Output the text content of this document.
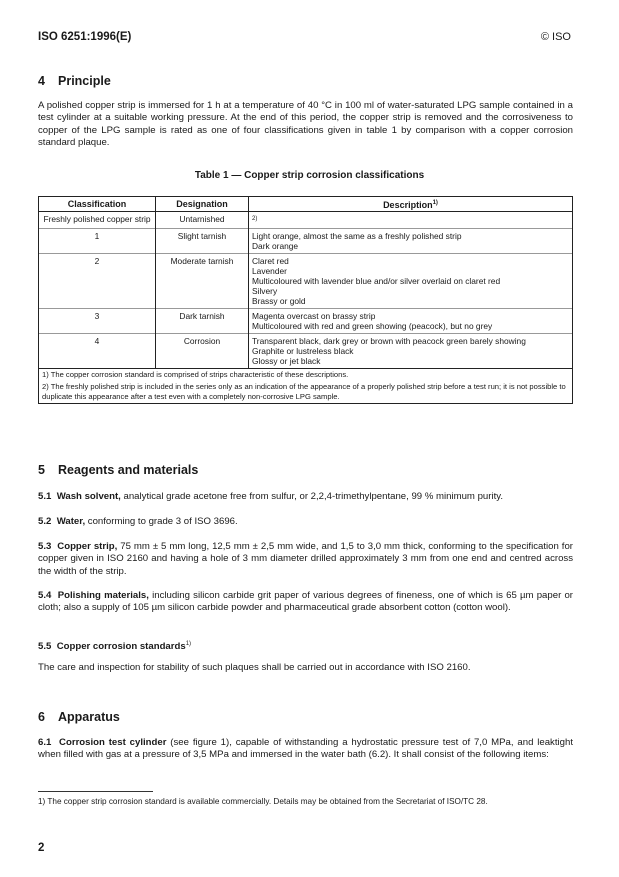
ISO 6251:1996(E)	© ISO
4 Principle
A polished copper strip is immersed for 1 h at a temperature of 40 °C in 100 ml of water-saturated LPG sample contained in a test cylinder at a suitable working pressure. At the end of this period, the copper strip is removed and the corrosiveness to copper of the LPG sample is rated as one of four classifications given in table 1 by comparison with a copper corrosion standard plaque.
Table 1 — Copper strip corrosion classifications
Classification	Designation	Description$^{1)}$
Freshly polished copper strip	Untarnished	$^{2)}$
1	Slight tarnish	Light orange, almost the same as a freshly polished strip
Dark orange

2	Moderate tarnish	Claret red
Lavender
Multicoloured with lavender blue and/or silver overlaid on claret red
Silvery
Brassy or gold

3	Dark tarnish	Magenta overcast on brassy strip
Multicoloured with red and green showing (peacock), but no grey

4	Corrosion	Transparent black, dark grey or brown with peacock green barely showing
Graphite or lustreless black
Glossy or jet black

1) The copper corrosion standard is comprised of strips characteristic of these descriptions.
2) The freshly polished strip is included in the series only as an indication of the appearance of a properly polished strip before a test run; it is not possible to duplicate this appearance after a test even with a completely non-corrosive LPG sample.		
5 Reagents and materials
5.1 Wash solvent, analytical grade acetone free from sulfur, or 2,2,4-trimethylpentane, 99 % minimum purity.
5.2 Water, conforming to grade 3 of ISO 3696.
5.3 Copper strip, 75 mm ± 5 mm long, 12,5 mm ± 2,5 mm wide, and 1,5 to 3,0 mm thick, conforming to the specification for copper given in ISO 2160 and having a hole of 3 mm diameter drilled approximately 3 mm from one end and centred across the width of the strip.
5.4 Polishing materials, including silicon carbide grit paper of various degrees of fineness, one of which is 65 µm paper or cloth; also a supply of 105 µm silicon carbide powder and pharmaceutical grade absorbent cotton (cotton wool).
5.5 Copper corrosion standards$^{1)}$
The care and inspection for stability of such plaques shall be carried out in accordance with ISO 2160.
6 Apparatus
6.1 Corrosion test cylinder (see figure 1), capable of withstanding a hydrostatic pressure test of 7,0 MPa, and leaktight when filled with gas at a pressure of 3,5 MPa and immersed in the water bath (6.2). It shall consist of the following items:
1) The copper strip corrosion standard is available commercially. Details may be obtained from the Secretariat of ISO/TC 28.
2
